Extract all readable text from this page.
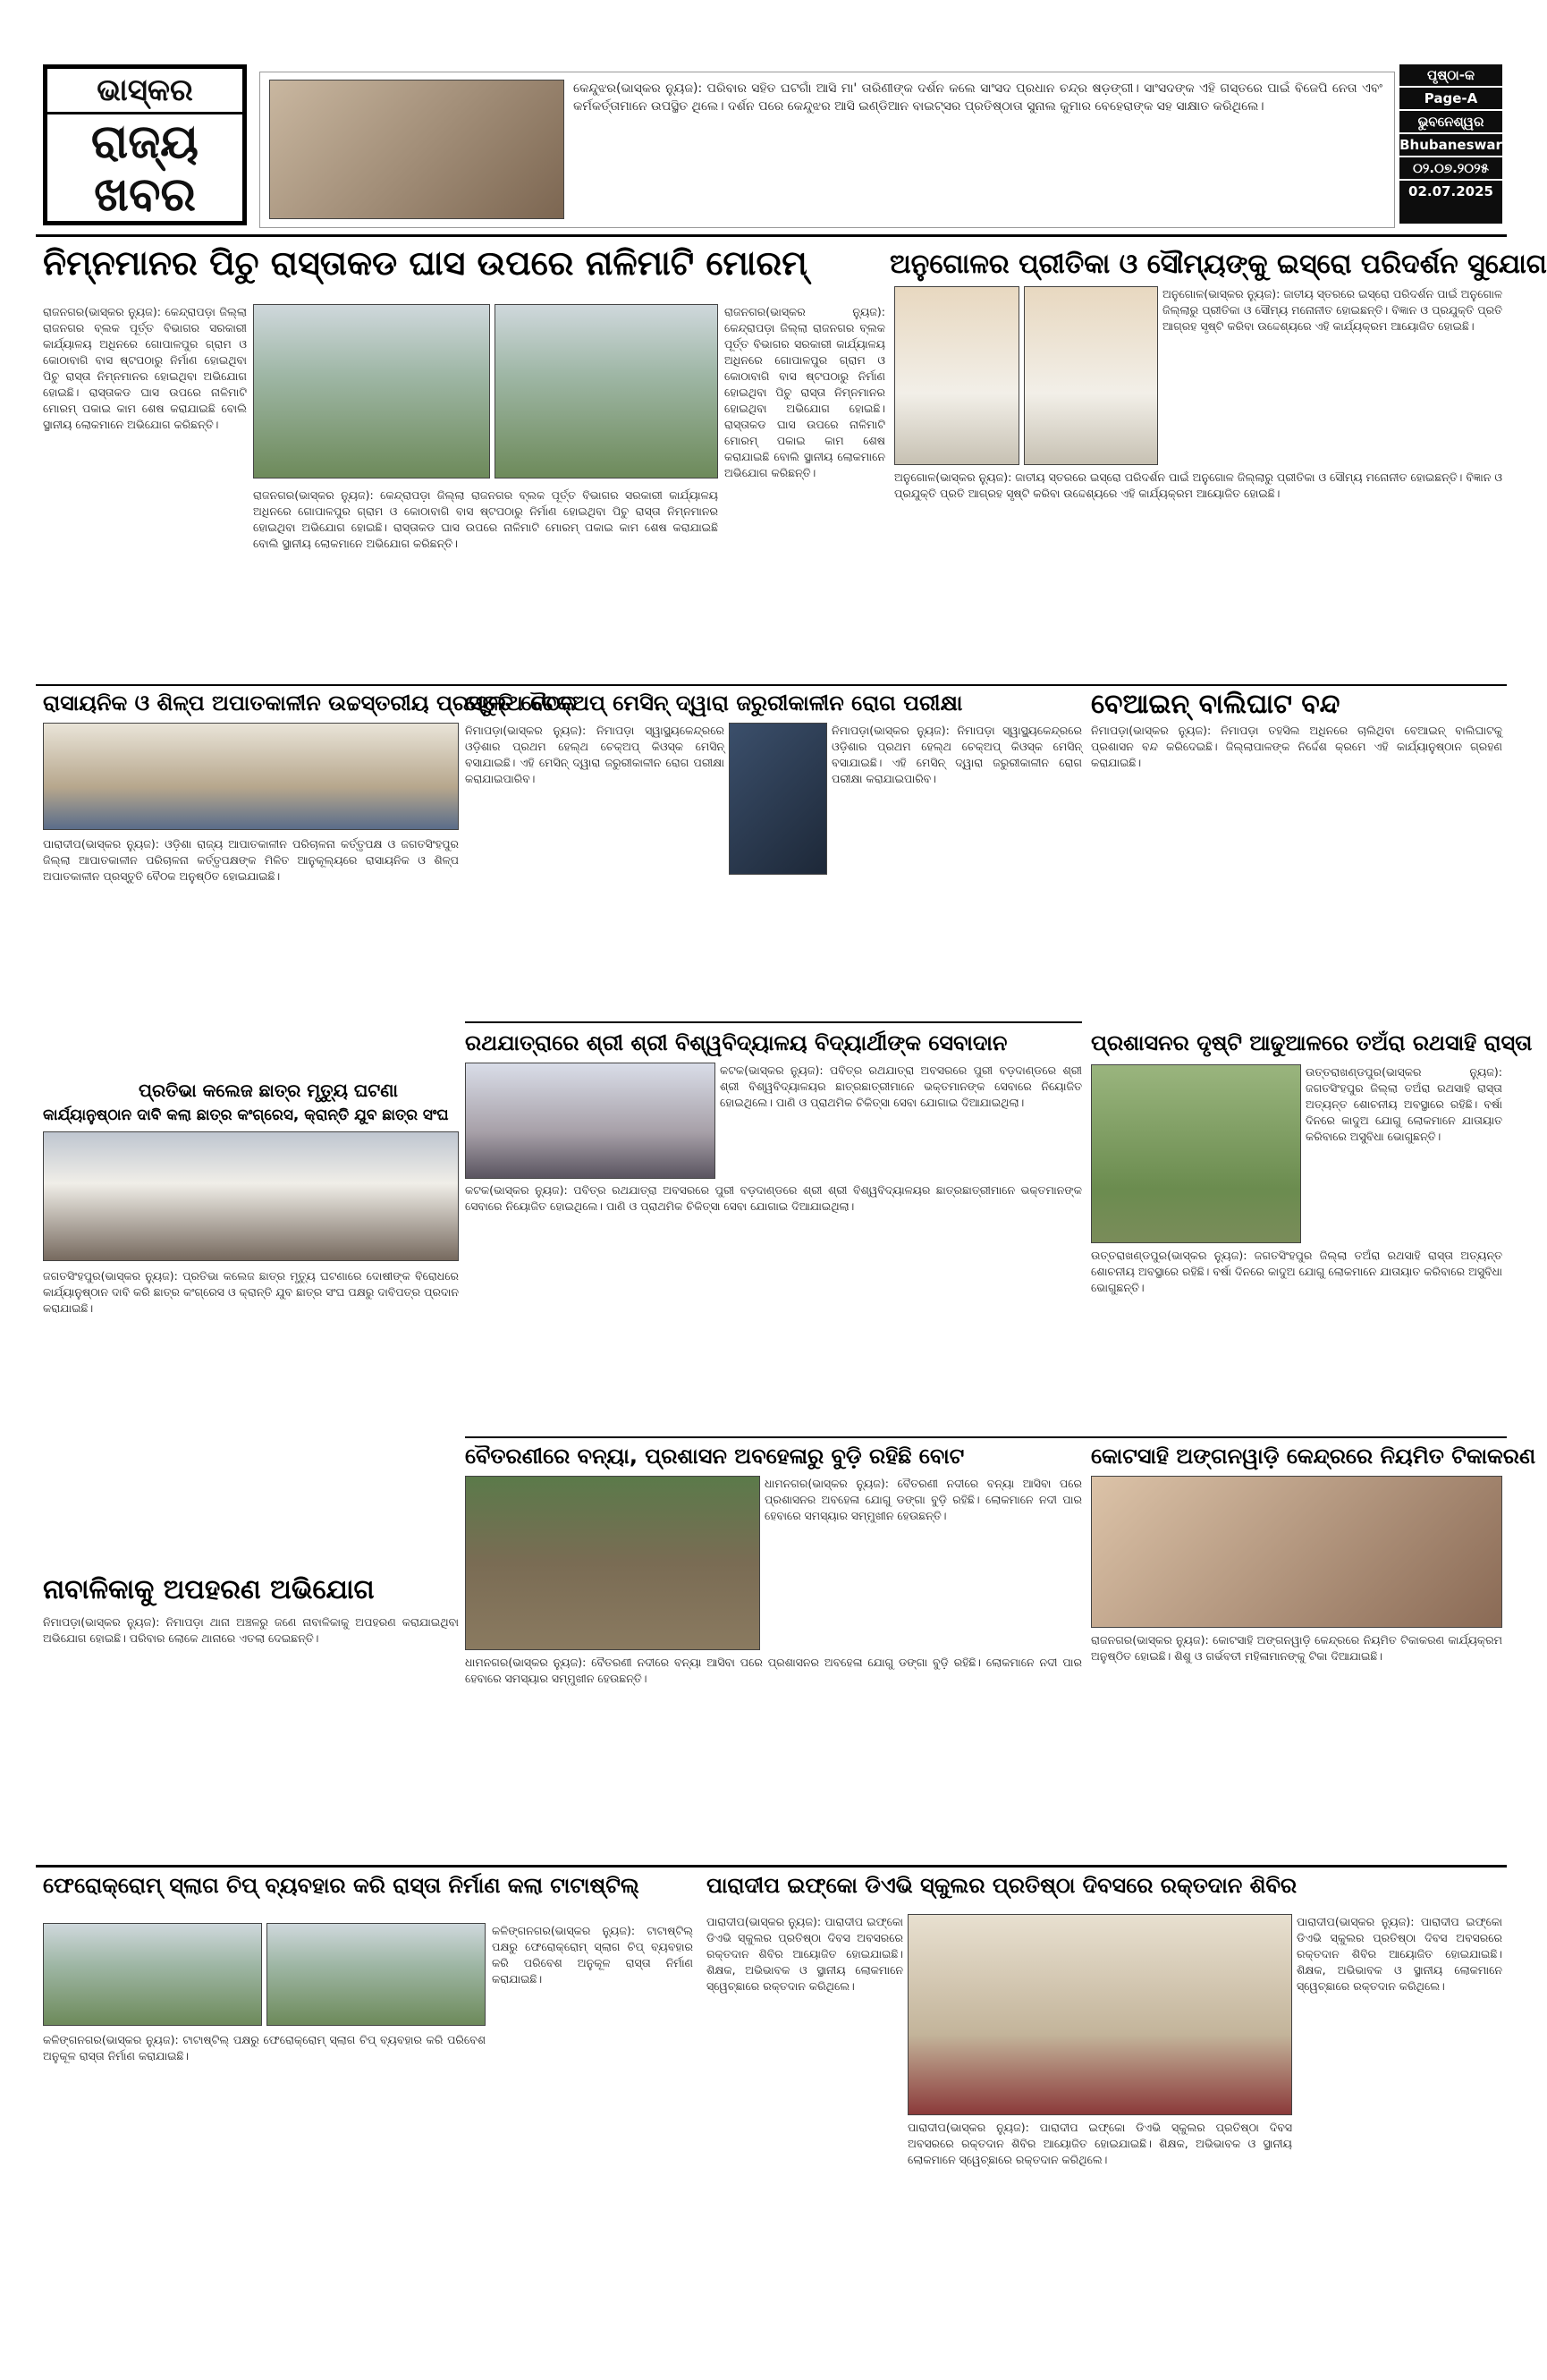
ଭାସ୍କର
ରାଜ୍ୟ
ଖବର
କେନ୍ଦୁଝର(ଭାସ୍କର ନ୍ୟୁଜ): ପରିବାର ସହିତ ଘଟଗାଁ ଆସି ମା' ତାରିଣୀଙ୍କ ଦର୍ଶନ କଲେ ସାଂସଦ ପ୍ରଧାନ ଚନ୍ଦ୍ର ଷଡ଼ଙ୍ଗୀ। ସାଂସଦଙ୍କ ଏହି ଗସ୍ତରେ ପାଇଁ ବିଜେପି ନେତା ଏବଂ କର୍ମକର୍ତ୍ତାମାନେ ଉପସ୍ଥିତ ଥିଲେ। ଦର୍ଶନ ପରେ କେନ୍ଦୁଝର ଆସି ଇଣ୍ଡିଆନ ବାଇଟ୍ସର ପ୍ରତିଷ୍ଠାତା ସୁନାଲ କୁମାର ବେହେରାଙ୍କ ସହ ସାକ୍ଷାତ କରିଥିଲେ।
ପୃଷ୍ଠା-କ
Page-A
ଭୁବନେଶ୍ୱର
Bhubaneswar
୦୨.୦୭.୨୦୨୫
02.07.2025
ନିମ୍ନମାନର ପିଚୁ ରାସ୍ତାକଡ ଘାସ ଉପରେ ନାଳିମାଟି ମୋରମ୍
ରାଜନଗର(ଭାସ୍କର ନ୍ୟୁଜ): କେନ୍ଦ୍ରାପଡ଼ା ଜିଲ୍ଲା ରାଜନଗର ବ୍ଲକ ପୂର୍ତ୍ତ ବିଭାଗର ସରକାରୀ କାର୍ଯ୍ୟାଳୟ ଅଧିନରେ ଗୋପାଳପୁର ଗ୍ରାମ ଓ କୋଠାବାଗି ବାସ ଷ୍ଟପଠାରୁ ନିର୍ମାଣ ହୋଇଥିବା ପିଚୁ ରାସ୍ତା ନିମ୍ନମାନର ହୋଇଥିବା ଅଭିଯୋଗ ହୋଇଛି। ରାସ୍ତାକଡ ଘାସ ଉପରେ ନାଳିମାଟି ମୋରମ୍ ପକାଇ କାମ ଶେଷ କରାଯାଇଛି ବୋଲି ସ୍ଥାନୀୟ ଲୋକମାନେ ଅଭିଯୋଗ କରିଛନ୍ତି।
ରାଜନଗର(ଭାସ୍କର ନ୍ୟୁଜ): କେନ୍ଦ୍ରାପଡ଼ା ଜିଲ୍ଲା ରାଜନଗର ବ୍ଲକ ପୂର୍ତ୍ତ ବିଭାଗର ସରକାରୀ କାର୍ଯ୍ୟାଳୟ ଅଧିନରେ ଗୋପାଳପୁର ଗ୍ରାମ ଓ କୋଠାବାଗି ବାସ ଷ୍ଟପଠାରୁ ନିର୍ମାଣ ହୋଇଥିବା ପିଚୁ ରାସ୍ତା ନିମ୍ନମାନର ହୋଇଥିବା ଅଭିଯୋଗ ହୋଇଛି। ରାସ୍ତାକଡ ଘାସ ଉପରେ ନାଳିମାଟି ମୋରମ୍ ପକାଇ କାମ ଶେଷ କରାଯାଇଛି ବୋଲି ସ୍ଥାନୀୟ ଲୋକମାନେ ଅଭିଯୋଗ କରିଛନ୍ତି।
ରାଜନଗର(ଭାସ୍କର ନ୍ୟୁଜ): କେନ୍ଦ୍ରାପଡ଼ା ଜିଲ୍ଲା ରାଜନଗର ବ୍ଲକ ପୂର୍ତ୍ତ ବିଭାଗର ସରକାରୀ କାର୍ଯ୍ୟାଳୟ ଅଧିନରେ ଗୋପାଳପୁର ଗ୍ରାମ ଓ କୋଠାବାଗି ବାସ ଷ୍ଟପଠାରୁ ନିର୍ମାଣ ହୋଇଥିବା ପିଚୁ ରାସ୍ତା ନିମ୍ନମାନର ହୋଇଥିବା ଅଭିଯୋଗ ହୋଇଛି। ରାସ୍ତାକଡ ଘାସ ଉପରେ ନାଳିମାଟି ମୋରମ୍ ପକାଇ କାମ ଶେଷ କରାଯାଇଛି ବୋଲି ସ୍ଥାନୀୟ ଲୋକମାନେ ଅଭିଯୋଗ କରିଛନ୍ତି।
ଅନୁଗୋଳର ପ୍ରୀତିକା ଓ ସୌମ୍ୟଙ୍କୁ ଇସ୍ରୋ ପରିଦର୍ଶନ ସୁଯୋଗ
ଅନୁଗୋଳ(ଭାସ୍କର ନ୍ୟୁଜ): ଜାତୀୟ ସ୍ତରରେ ଇସ୍ରୋ ପରିଦର୍ଶନ ପାଇଁ ଅନୁଗୋଳ ଜିଲ୍ଲାରୁ ପ୍ରୀତିକା ଓ ସୌମ୍ୟ ମନୋନୀତ ହୋଇଛନ୍ତି। ବିଜ୍ଞାନ ଓ ପ୍ରଯୁକ୍ତି ପ୍ରତି ଆଗ୍ରହ ସୃଷ୍ଟି କରିବା ଉଦ୍ଦେଶ୍ୟରେ ଏହି କାର୍ଯ୍ୟକ୍ରମ ଆୟୋଜିତ ହୋଇଛି।
ଅନୁଗୋଳ(ଭାସ୍କର ନ୍ୟୁଜ): ଜାତୀୟ ସ୍ତରରେ ଇସ୍ରୋ ପରିଦର୍ଶନ ପାଇଁ ଅନୁଗୋଳ ଜିଲ୍ଲାରୁ ପ୍ରୀତିକା ଓ ସୌମ୍ୟ ମନୋନୀତ ହୋଇଛନ୍ତି। ବିଜ୍ଞାନ ଓ ପ୍ରଯୁକ୍ତି ପ୍ରତି ଆଗ୍ରହ ସୃଷ୍ଟି କରିବା ଉଦ୍ଦେଶ୍ୟରେ ଏହି କାର୍ଯ୍ୟକ୍ରମ ଆୟୋଜିତ ହୋଇଛି।
ରାସାୟନିକ ଓ ଶିଳ୍ପ ଅପାତକାଳୀନ ଉଚ୍ଚସ୍ତରୀୟ ପ୍ରସ୍ତୁତି ବୈଠକ
ପାରାଦୀପ(ଭାସ୍କର ନ୍ୟୁଜ): ଓଡ଼ିଶା ରାଜ୍ୟ ଆପାତକାଳୀନ ପରିଚାଳନା କର୍ତ୍ତୃପକ୍ଷ ଓ ଜଗତସିଂହପୁର ଜିଲ୍ଲା ଆପାତକାଳୀନ ପରିଚାଳନା କର୍ତ୍ତୃପକ୍ଷଙ୍କ ମିଳିତ ଆନୁକୂଲ୍ୟରେ ରାସାୟନିକ ଓ ଶିଳ୍ପ ଅପାତକାଳୀନ ପ୍ରସ୍ତୁତି ବୈଠକ ଅନୁଷ୍ଠିତ ହୋଇଯାଇଛି।
ହେଲ୍ଥ ଚେକ୍‌ଅପ୍ ମେସିନ୍ ଦ୍ୱାରା ଜରୁରୀକାଳୀନ ରୋଗ ପରୀକ୍ଷା
ନିମାପଡ଼ା(ଭାସ୍କର ନ୍ୟୁଜ): ନିମାପଡ଼ା ସ୍ୱାସ୍ଥ୍ୟକେନ୍ଦ୍ରରେ ଓଡ଼ିଶାର ପ୍ରଥମ ହେଲ୍ଥ ଚେକ୍‌ଅପ୍ କିଓସ୍କ ମେସିନ୍ ବସାଯାଇଛି। ଏହି ମେସିନ୍ ଦ୍ୱାରା ଜରୁରୀକାଳୀନ ରୋଗ ପରୀକ୍ଷା କରାଯାଇପାରିବ।
ନିମାପଡ଼ା(ଭାସ୍କର ନ୍ୟୁଜ): ନିମାପଡ଼ା ସ୍ୱାସ୍ଥ୍ୟକେନ୍ଦ୍ରରେ ଓଡ଼ିଶାର ପ୍ରଥମ ହେଲ୍ଥ ଚେକ୍‌ଅପ୍ କିଓସ୍କ ମେସିନ୍ ବସାଯାଇଛି। ଏହି ମେସିନ୍ ଦ୍ୱାରା ଜରୁରୀକାଳୀନ ରୋଗ ପରୀକ୍ଷା କରାଯାଇପାରିବ।
ବେଆଇନ୍ ବାଲିଘାଟ ବନ୍ଦ
ନିମାପଡ଼ା(ଭାସ୍କର ନ୍ୟୁଜ): ନିମାପଡ଼ା ତହସିଲ ଅଧିନରେ ଚାଲିଥିବା ବେଆଇନ୍ ବାଲିଘାଟକୁ ପ୍ରଶାସନ ବନ୍ଦ କରିଦେଇଛି। ଜିଲ୍ଲାପାଳଙ୍କ ନିର୍ଦ୍ଦେଶ କ୍ରମେ ଏହି କାର୍ଯ୍ୟାନୁଷ୍ଠାନ ଗ୍ରହଣ କରାଯାଇଛି।
ପ୍ରତିଭା କଲେଜ ଛାତ୍ର ମୃତ୍ୟୁ ଘଟଣା
କାର୍ଯ୍ୟାନୁଷ୍ଠାନ ଦାବି କଲା ଛାତ୍ର କଂଗ୍ରେସ, କ୍ରାନ୍ତି ଯୁବ ଛାତ୍ର ସଂଘ
ଜଗତସିଂହପୁର(ଭାସ୍କର ନ୍ୟୁଜ): ପ୍ରତିଭା କଲେଜ ଛାତ୍ର ମୃତ୍ୟୁ ଘଟଣାରେ ଦୋଷୀଙ୍କ ବିରୋଧରେ କାର୍ଯ୍ୟାନୁଷ୍ଠାନ ଦାବି କରି ଛାତ୍ର କଂଗ୍ରେସ ଓ କ୍ରାନ୍ତି ଯୁବ ଛାତ୍ର ସଂଘ ପକ୍ଷରୁ ଦାବିପତ୍ର ପ୍ରଦାନ କରାଯାଇଛି।
ରଥଯାତ୍ରାରେ ଶ୍ରୀ ଶ୍ରୀ ବିଶ୍ୱବିଦ୍ୟାଳୟ ବିଦ୍ୟାର୍ଥୀଙ୍କ ସେବାଦାନ
କଟକ(ଭାସ୍କର ନ୍ୟୁଜ): ପବିତ୍ର ରଥଯାତ୍ରା ଅବସରରେ ପୁରୀ ବଡ଼ଦାଣ୍ଡରେ ଶ୍ରୀ ଶ୍ରୀ ବିଶ୍ୱବିଦ୍ୟାଳୟର ଛାତ୍ରଛାତ୍ରୀମାନେ ଭକ୍ତମାନଙ୍କ ସେବାରେ ନିୟୋଜିତ ହୋଇଥିଲେ। ପାଣି ଓ ପ୍ରାଥମିକ ଚିକିତ୍ସା ସେବା ଯୋଗାଇ ଦିଆଯାଇଥିଲା।
କଟକ(ଭାସ୍କର ନ୍ୟୁଜ): ପବିତ୍ର ରଥଯାତ୍ରା ଅବସରରେ ପୁରୀ ବଡ଼ଦାଣ୍ଡରେ ଶ୍ରୀ ଶ୍ରୀ ବିଶ୍ୱବିଦ୍ୟାଳୟର ଛାତ୍ରଛାତ୍ରୀମାନେ ଭକ୍ତମାନଙ୍କ ସେବାରେ ନିୟୋଜିତ ହୋଇଥିଲେ। ପାଣି ଓ ପ୍ରାଥମିକ ଚିକିତ୍ସା ସେବା ଯୋଗାଇ ଦିଆଯାଇଥିଲା।
ପ୍ରଶାସନର ଦୃଷ୍ଟି ଆଢୁଆଳରେ ତଅଁରା ରଥସାହି ରାସ୍ତା
ଉତ୍ତରାଖଣ୍ଡପୁର(ଭାସ୍କର ନ୍ୟୁଜ): ଜଗତସିଂହପୁର ଜିଲ୍ଲା ତଅଁରା ରଥସାହି ରାସ୍ତା ଅତ୍ୟନ୍ତ ଶୋଚନୀୟ ଅବସ୍ଥାରେ ରହିଛି। ବର୍ଷା ଦିନରେ କାଦୁଅ ଯୋଗୁ ଲୋକମାନେ ଯାତାୟାତ କରିବାରେ ଅସୁବିଧା ଭୋଗୁଛନ୍ତି।
ଉତ୍ତରାଖଣ୍ଡପୁର(ଭାସ୍କର ନ୍ୟୁଜ): ଜଗତସିଂହପୁର ଜିଲ୍ଲା ତଅଁରା ରଥସାହି ରାସ୍ତା ଅତ୍ୟନ୍ତ ଶୋଚନୀୟ ଅବସ୍ଥାରେ ରହିଛି। ବର୍ଷା ଦିନରେ କାଦୁଅ ଯୋଗୁ ଲୋକମାନେ ଯାତାୟାତ କରିବାରେ ଅସୁବିଧା ଭୋଗୁଛନ୍ତି।
ବୈତରଣୀରେ ବନ୍ୟା, ପ୍ରଶାସନ ଅବହେଳାରୁ ବୁଡ଼ି ରହିଛି ବୋଟ
ଧାମନଗର(ଭାସ୍କର ନ୍ୟୁଜ): ବୈତରଣୀ ନଦୀରେ ବନ୍ୟା ଆସିବା ପରେ ପ୍ରଶାସନର ଅବହେଳା ଯୋଗୁ ଡଙ୍ଗା ବୁଡ଼ି ରହିଛି। ଲୋକମାନେ ନଦୀ ପାର ହେବାରେ ସମସ୍ୟାର ସମ୍ମୁଖୀନ ହେଉଛନ୍ତି।
ଧାମନଗର(ଭାସ୍କର ନ୍ୟୁଜ): ବୈତରଣୀ ନଦୀରେ ବନ୍ୟା ଆସିବା ପରେ ପ୍ରଶାସନର ଅବହେଳା ଯୋଗୁ ଡଙ୍ଗା ବୁଡ଼ି ରହିଛି। ଲୋକମାନେ ନଦୀ ପାର ହେବାରେ ସମସ୍ୟାର ସମ୍ମୁଖୀନ ହେଉଛନ୍ତି।
କୋଟସାହି ଅଙ୍ଗନୱାଡ଼ି କେନ୍ଦ୍ରରେ ନିୟମିତ ଟିକାକରଣ
ରାଜନଗର(ଭାସ୍କର ନ୍ୟୁଜ): କୋଟସାହି ଅଙ୍ଗନୱାଡ଼ି କେନ୍ଦ୍ରରେ ନିୟମିତ ଟିକାକରଣ କାର୍ଯ୍ୟକ୍ରମ ଅନୁଷ୍ଠିତ ହୋଇଛି। ଶିଶୁ ଓ ଗର୍ଭବତୀ ମହିଳାମାନଙ୍କୁ ଟିକା ଦିଆଯାଇଛି।
ନାବାଳିକାକୁ ଅପହରଣ ଅଭିଯୋଗ
ନିମାପଡ଼ା(ଭାସ୍କର ନ୍ୟୁଜ): ନିମାପଡ଼ା ଥାନା ଅଞ୍ଚଳରୁ ଜଣେ ନାବାଳିକାକୁ ଅପହରଣ କରାଯାଇଥିବା ଅଭିଯୋଗ ହୋଇଛି। ପରିବାର ଲୋକେ ଥାନାରେ ଏତଲା ଦେଇଛନ୍ତି।
ଫେରୋକ୍ରୋମ୍ ସ୍ଲାଗ ଚିପ୍ ବ୍ୟବହାର କରି ରାସ୍ତା ନିର୍ମାଣ କଲା ଟାଟାଷ୍ଟିଲ୍
କଳିଙ୍ଗନଗର(ଭାସ୍କର ନ୍ୟୁଜ): ଟାଟାଷ୍ଟିଲ୍ ପକ୍ଷରୁ ଫେରୋକ୍ରୋମ୍ ସ୍ଲାଗ ଚିପ୍ ବ୍ୟବହାର କରି ପରିବେଶ ଅନୁକୂଳ ରାସ୍ତା ନିର୍ମାଣ କରାଯାଇଛି।
କଳିଙ୍ଗନଗର(ଭାସ୍କର ନ୍ୟୁଜ): ଟାଟାଷ୍ଟିଲ୍ ପକ୍ଷରୁ ଫେରୋକ୍ରୋମ୍ ସ୍ଲାଗ ଚିପ୍ ବ୍ୟବହାର କରି ପରିବେଶ ଅନୁକୂଳ ରାସ୍ତା ନିର୍ମାଣ କରାଯାଇଛି।
ପାରାଦୀପ ଇଫ୍‌କୋ ଡିଏଭି ସ୍କୁଲର ପ୍ରତିଷ୍ଠା ଦିବସରେ ରକ୍ତଦାନ ଶିବିର
ପାରାଦୀପ(ଭାସ୍କର ନ୍ୟୁଜ): ପାରାଦୀପ ଇଫ୍‌କୋ ଡିଏଭି ସ୍କୁଲର ପ୍ରତିଷ୍ଠା ଦିବସ ଅବସରରେ ରକ୍ତଦାନ ଶିବିର ଆୟୋଜିତ ହୋଇଯାଇଛି। ଶିକ୍ଷକ, ଅଭିଭାବକ ଓ ସ୍ଥାନୀୟ ଲୋକମାନେ ସ୍ୱେଚ୍ଛାରେ ରକ୍ତଦାନ କରିଥିଲେ।
ପାରାଦୀପ(ଭାସ୍କର ନ୍ୟୁଜ): ପାରାଦୀପ ଇଫ୍‌କୋ ଡିଏଭି ସ୍କୁଲର ପ୍ରତିଷ୍ଠା ଦିବସ ଅବସରରେ ରକ୍ତଦାନ ଶିବିର ଆୟୋଜିତ ହୋଇଯାଇଛି। ଶିକ୍ଷକ, ଅଭିଭାବକ ଓ ସ୍ଥାନୀୟ ଲୋକମାନେ ସ୍ୱେଚ୍ଛାରେ ରକ୍ତଦାନ କରିଥିଲେ।
ପାରାଦୀପ(ଭାସ୍କର ନ୍ୟୁଜ): ପାରାଦୀପ ଇଫ୍‌କୋ ଡିଏଭି ସ୍କୁଲର ପ୍ରତିଷ୍ଠା ଦିବସ ଅବସରରେ ରକ୍ତଦାନ ଶିବିର ଆୟୋଜିତ ହୋଇଯାଇଛି। ଶିକ୍ଷକ, ଅଭିଭାବକ ଓ ସ୍ଥାନୀୟ ଲୋକମାନେ ସ୍ୱେଚ୍ଛାରେ ରକ୍ତଦାନ କରିଥିଲେ।
